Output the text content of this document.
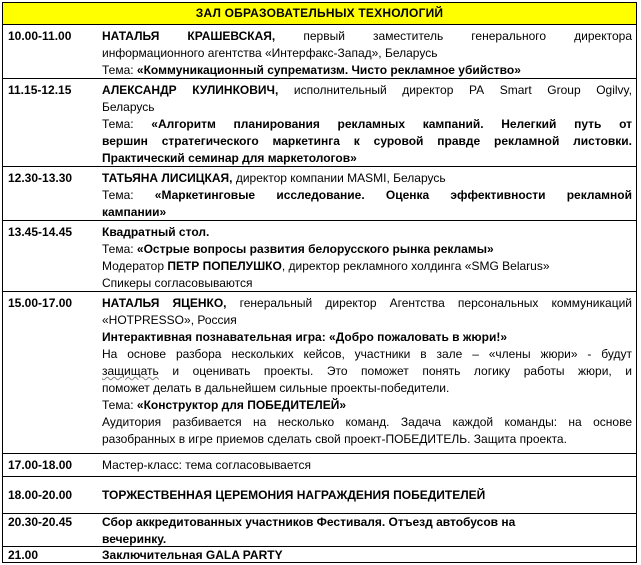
ЗАЛ ОБРАЗОВАТЕЛЬНЫХ ТЕХНОЛОГИЙ
10.00-11.00	НАТАЛЬЯ КРАШЕВСКАЯ, первый заместитель генерального директора
информационного агентства «Интерфакс-Запад», Беларусь
Тема: «Коммуникационный супрематизм. Чисто рекламное убийство»
11.15-12.15	АЛЕКСАНДР КУЛИНКОВИЧ, исполнительный директор РА Smart Group Ogilvy,
Беларусь
Тема: «Алгоритм планирования рекламных кампаний. Нелегкий путь от
вершин стратегического маркетинга к суровой правде рекламной листовки.
Практический семинар для маркетологов»
12.30-13.30	ТАТЬЯНА ЛИСИЦКАЯ, директор компании MASMI, Беларусь
Тема: «Маркетинговые исследование. Оценка эффективности рекламной
кампании»
13.45-14.45	Квадратный стол.
Тема: «Острые вопросы развития белорусского рынка рекламы»
Модератор ПЕТР ПОПЕЛУШКО, директор рекламного холдинга «SMG Belarus»
Спикеры согласовываются
15.00-17.00	НАТАЛЬЯ ЯЦЕНКО, генеральный директор Агентства персональных коммуникаций
«HOTPRESSO», Россия
Интерактивная познавательная игра: «Добро пожаловать в жюри!»
На основе разбора нескольких кейсов, участники в зале – «члены жюри» - будут
защищать и оценивать проекты. Это поможет понять логику работы жюри, и
поможет делать в дальнейшем сильные проекты-победители.
Тема: «Конструктор для ПОБЕДИТЕЛЕЙ»
Аудитория разбивается на несколько команд. Задача каждой команды: на основе
разобранных в игре приемов сделать свой проект-ПОБЕДИТЕЛЬ. Защита проекта.
17.00-18.00	Мастер-класс: тема согласовывается
18.00-20.00	ТОРЖЕСТВЕННАЯ ЦЕРЕМОНИЯ НАГРАЖДЕНИЯ ПОБЕДИТЕЛЕЙ
20.30-20.45	Сбор аккредитованных участников Фестиваля. Отъезд автобусов на
вечеринку.
21.00	Заключительная GALA PARTY
